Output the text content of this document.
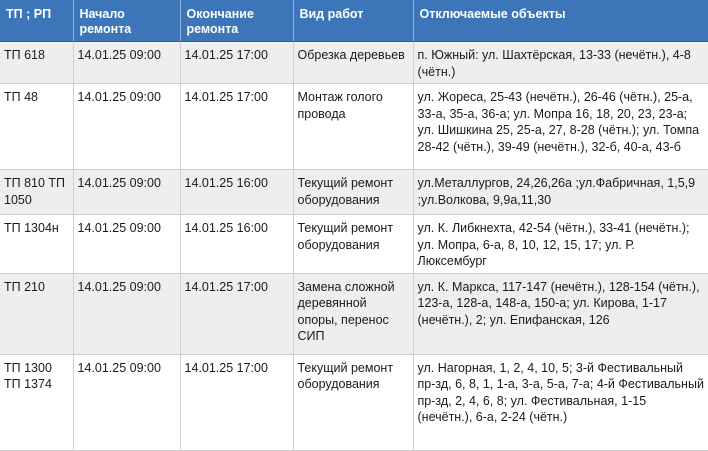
ТП ; РП	Начало ремонта	Окончание ремонта	Вид работ	Отключаемые объекты
ТП 618	14.01.25 09:00	14.01.25 17:00	Обрезка деревьев	п. Южный: ул. Шахтёрская, 13-33 (нечётн.), 4-8 (чётн.)
ТП 48	14.01.25 09:00	14.01.25 17:00	Монтаж голого провода	ул. Жореса, 25-43 (нечётн.), 26-46 (чётн.), 25-а, 33-а, 35-а, 36-а; ул. Мопра 16, 18, 20, 23, 23-а; ул. Шишкина 25, 25-а, 27, 8-28 (чётн.); ул. Томпа 28-42 (чётн.), 39-49 (нечётн.), 32-б, 40-а, 43-б
ТП 810 ТП 1050	14.01.25 09:00	14.01.25 16:00	Текущий ремонт оборудования	ул.Металлургов, 24,26,26а ;ул.Фабричная, 1,5,9 ;ул.Волкова, 9,9а,11,30
ТП 1304н	14.01.25 09:00	14.01.25 16:00	Текущий ремонт оборудования	ул. К. Либкнехта, 42-54 (чётн.), 33-41 (нечётн.); ул. Мопра, 6-а, 8, 10, 12, 15, 17; ул. Р. Люксембург
ТП 210	14.01.25 09:00	14.01.25 17:00	Замена сложной деревянной опоры, перенос СИП	ул. К. Маркса, 117-147 (нечётн.), 128-154 (чётн.), 123-а, 128-а, 148-а, 150-а; ул. Кирова, 1-17 (нечётн.), 2; ул. Епифанская, 126
ТП 1300 ТП 1374	14.01.25 09:00	14.01.25 17:00	Текущий ремонт оборудования	ул. Нагорная, 1, 2, 4, 10, 5; 3-й Фестивальный пр-зд, 6, 8, 1, 1-а, 3-а, 5-а, 7-а; 4-й Фестивальный пр-зд, 2, 4, 6, 8; ул. Фестивальная, 1-15 (нечётн.), 6-а, 2-24 (чётн.)
